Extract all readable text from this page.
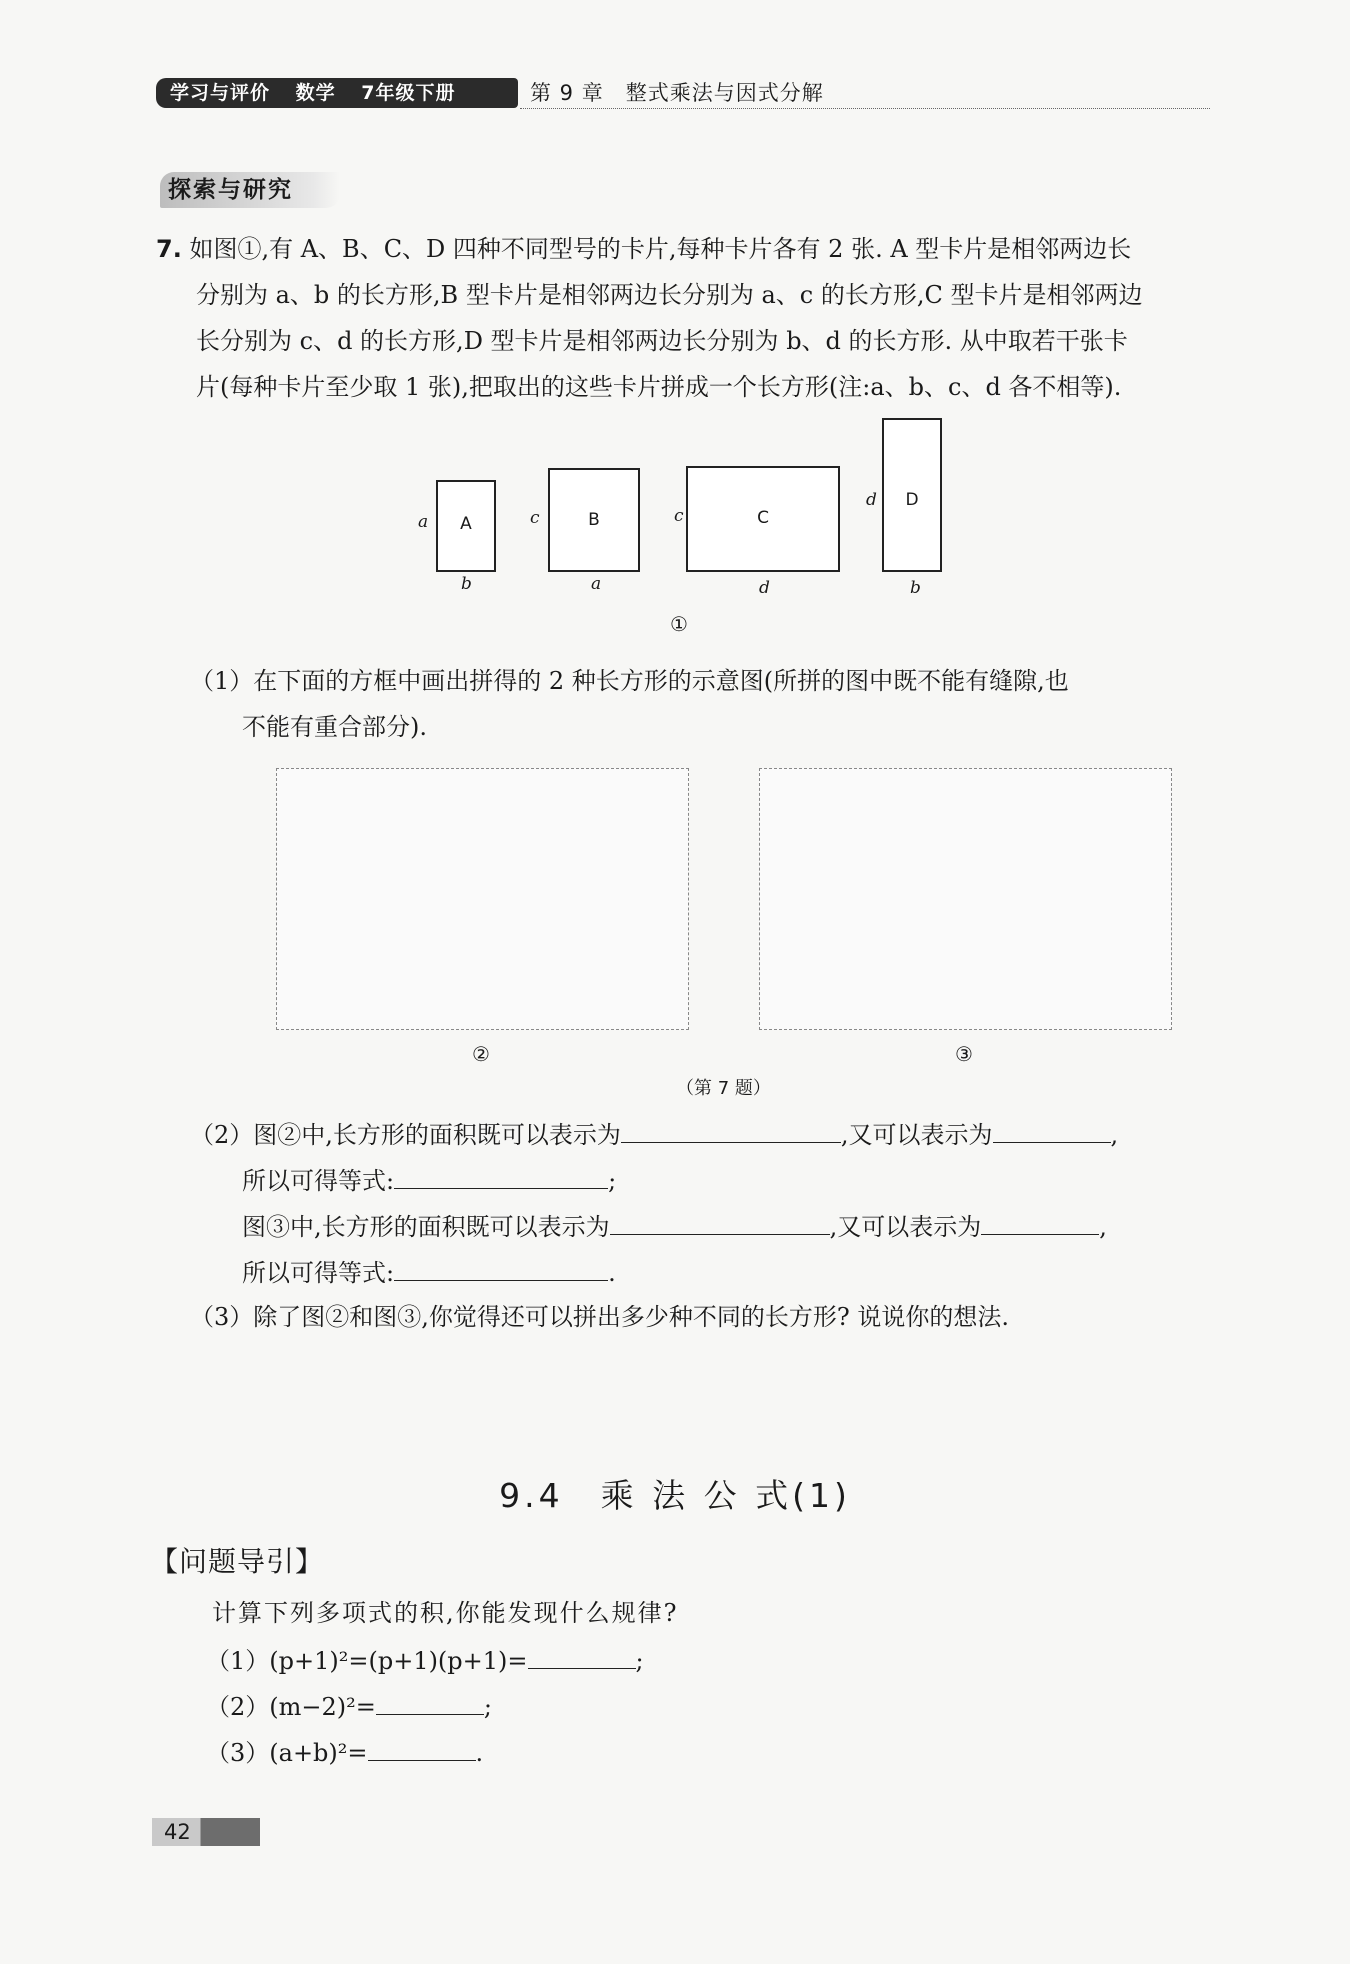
学习与评价 数学 7年级下册	第 9 章　整式乘法与因式分解
探索与研究
7. 如图①,有 A、B、C、D 四种不同型号的卡片,每种卡片各有 2 张. A 型卡片是相邻两边长
分别为 a、b 的长方形,B 型卡片是相邻两边长分别为 a、c 的长方形,C 型卡片是相邻两边
长分别为 c、d 的长方形,D 型卡片是相邻两边长分别为 b、d 的长方形. 从中取若干张卡
片(每种卡片至少取 1 张),把取出的这些卡片拼成一个长方形(注:a、b、c、d 各不相等).
A
a
b
B
c
a
C
c
d
D
d
b
①
（1）在下面的方框中画出拼得的 2 种长方形的示意图(所拼的图中既不能有缝隙,也
不能有重合部分).
②	③
（第 7 题）
（2）图②中,长方形的面积既可以表示为	,又可以表示为	,
所以可得等式:	;
图③中,长方形的面积既可以表示为	,又可以表示为	,
所以可得等式:	.
（3）除了图②和图③,你觉得还可以拼出多少种不同的长方形? 说说你的想法.
9.4　乘 法 公 式(1)
【问题导引】
计算下列多项式的积,你能发现什么规律?
（1）(p+1)²=(p+1)(p+1)=	;
（2）(m−2)²=	;
（3）(a+b)²=	.
42
